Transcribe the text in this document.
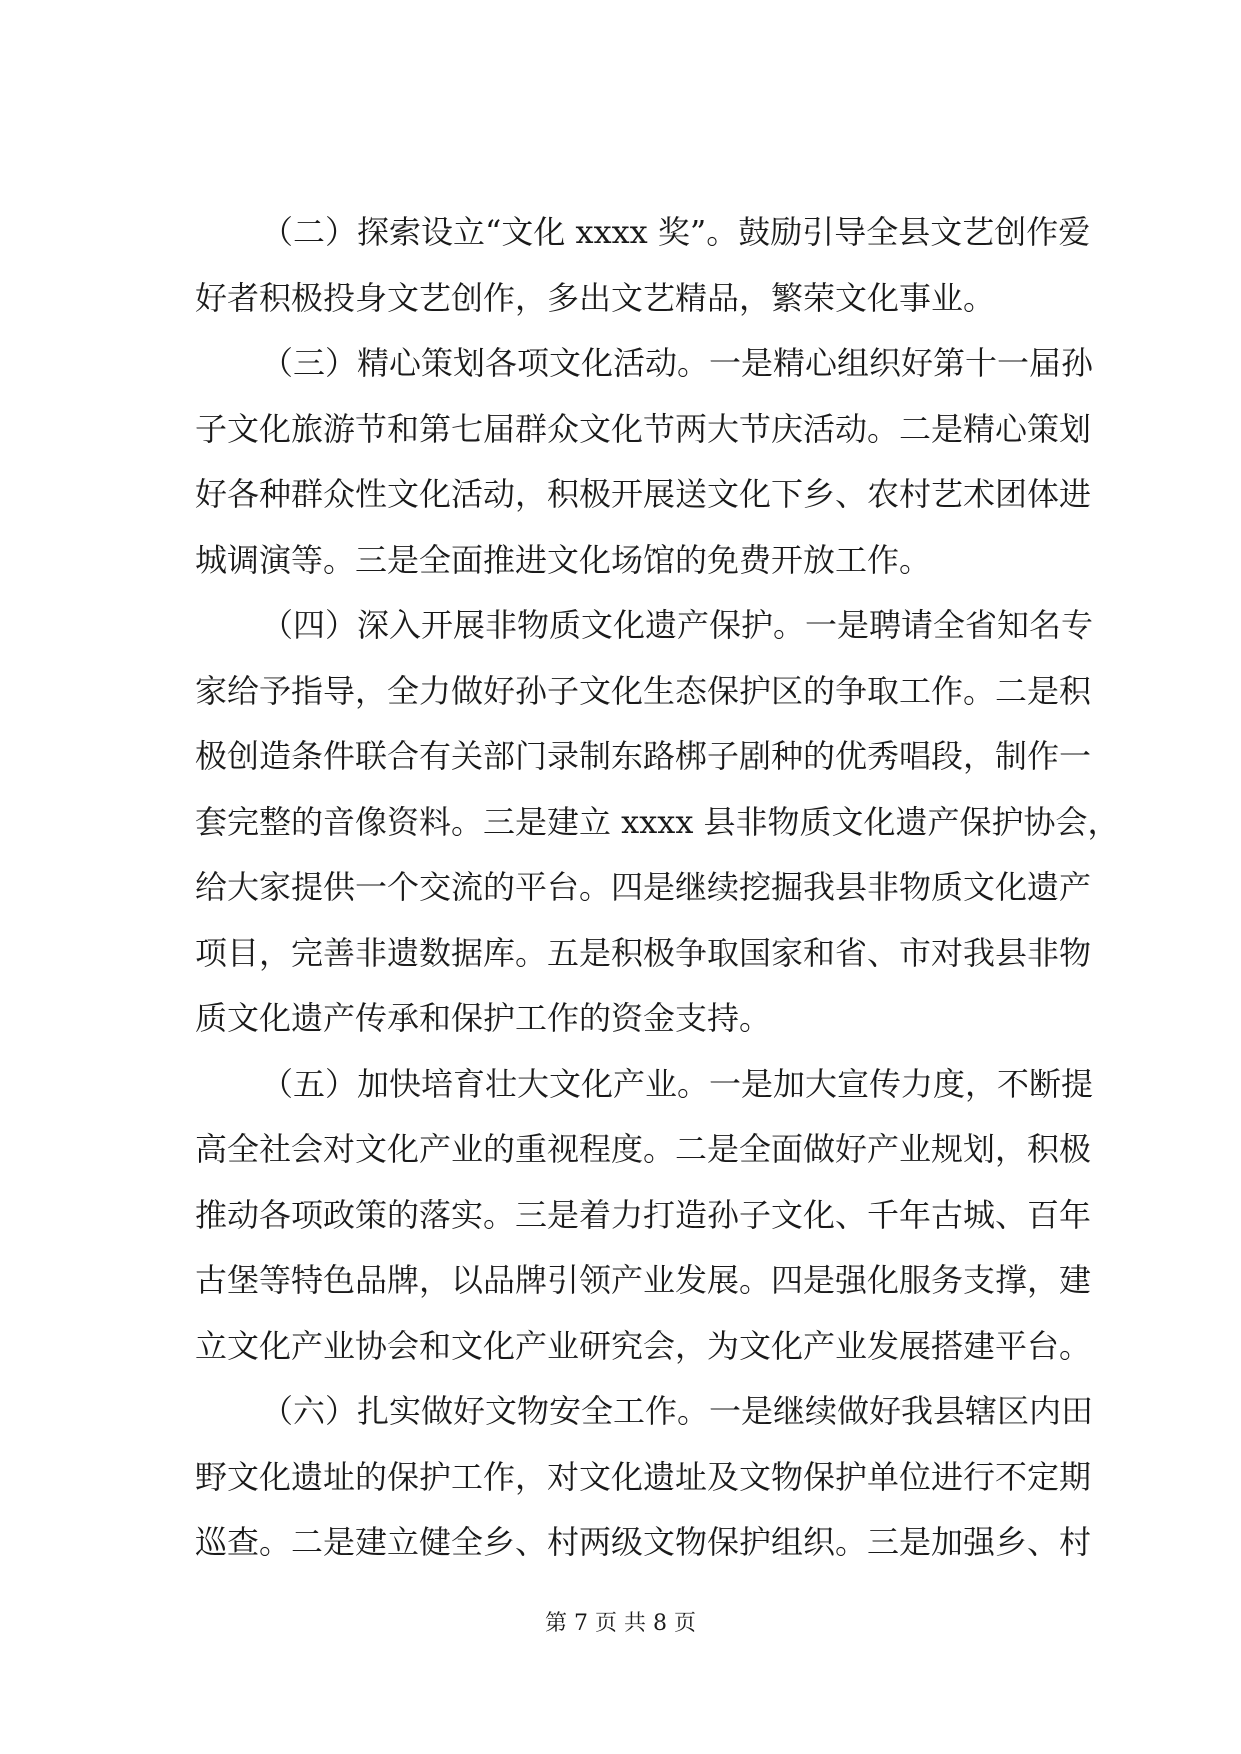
（二）探索设立“文化 xxxx 奖”。鼓励引导全县文艺创作爱
好者积极投身文艺创作，多出文艺精品，繁荣文化事业。
（三）精心策划各项文化活动。一是精心组织好第十一届孙
子文化旅游节和第七届群众文化节两大节庆活动。二是精心策划
好各种群众性文化活动，积极开展送文化下乡、农村艺术团体进
城调演等。三是全面推进文化场馆的免费开放工作。
（四）深入开展非物质文化遗产保护。一是聘请全省知名专
家给予指导，全力做好孙子文化生态保护区的争取工作。二是积
极创造条件联合有关部门录制东路梆子剧种的优秀唱段，制作一
套完整的音像资料。三是建立 xxxx 县非物质文化遗产保护协会，
给大家提供一个交流的平台。四是继续挖掘我县非物质文化遗产
项目，完善非遗数据库。五是积极争取国家和省、市对我县非物
质文化遗产传承和保护工作的资金支持。
（五）加快培育壮大文化产业。一是加大宣传力度，不断提
高全社会对文化产业的重视程度。二是全面做好产业规划，积极
推动各项政策的落实。三是着力打造孙子文化、千年古城、百年
古堡等特色品牌，以品牌引领产业发展。四是强化服务支撑，建
立文化产业协会和文化产业研究会，为文化产业发展搭建平台。
（六）扎实做好文物安全工作。一是继续做好我县辖区内田
野文化遗址的保护工作，对文化遗址及文物保护单位进行不定期
巡查。二是建立健全乡、村两级文物保护组织。三是加强乡、村
第 7 页 共 8 页
